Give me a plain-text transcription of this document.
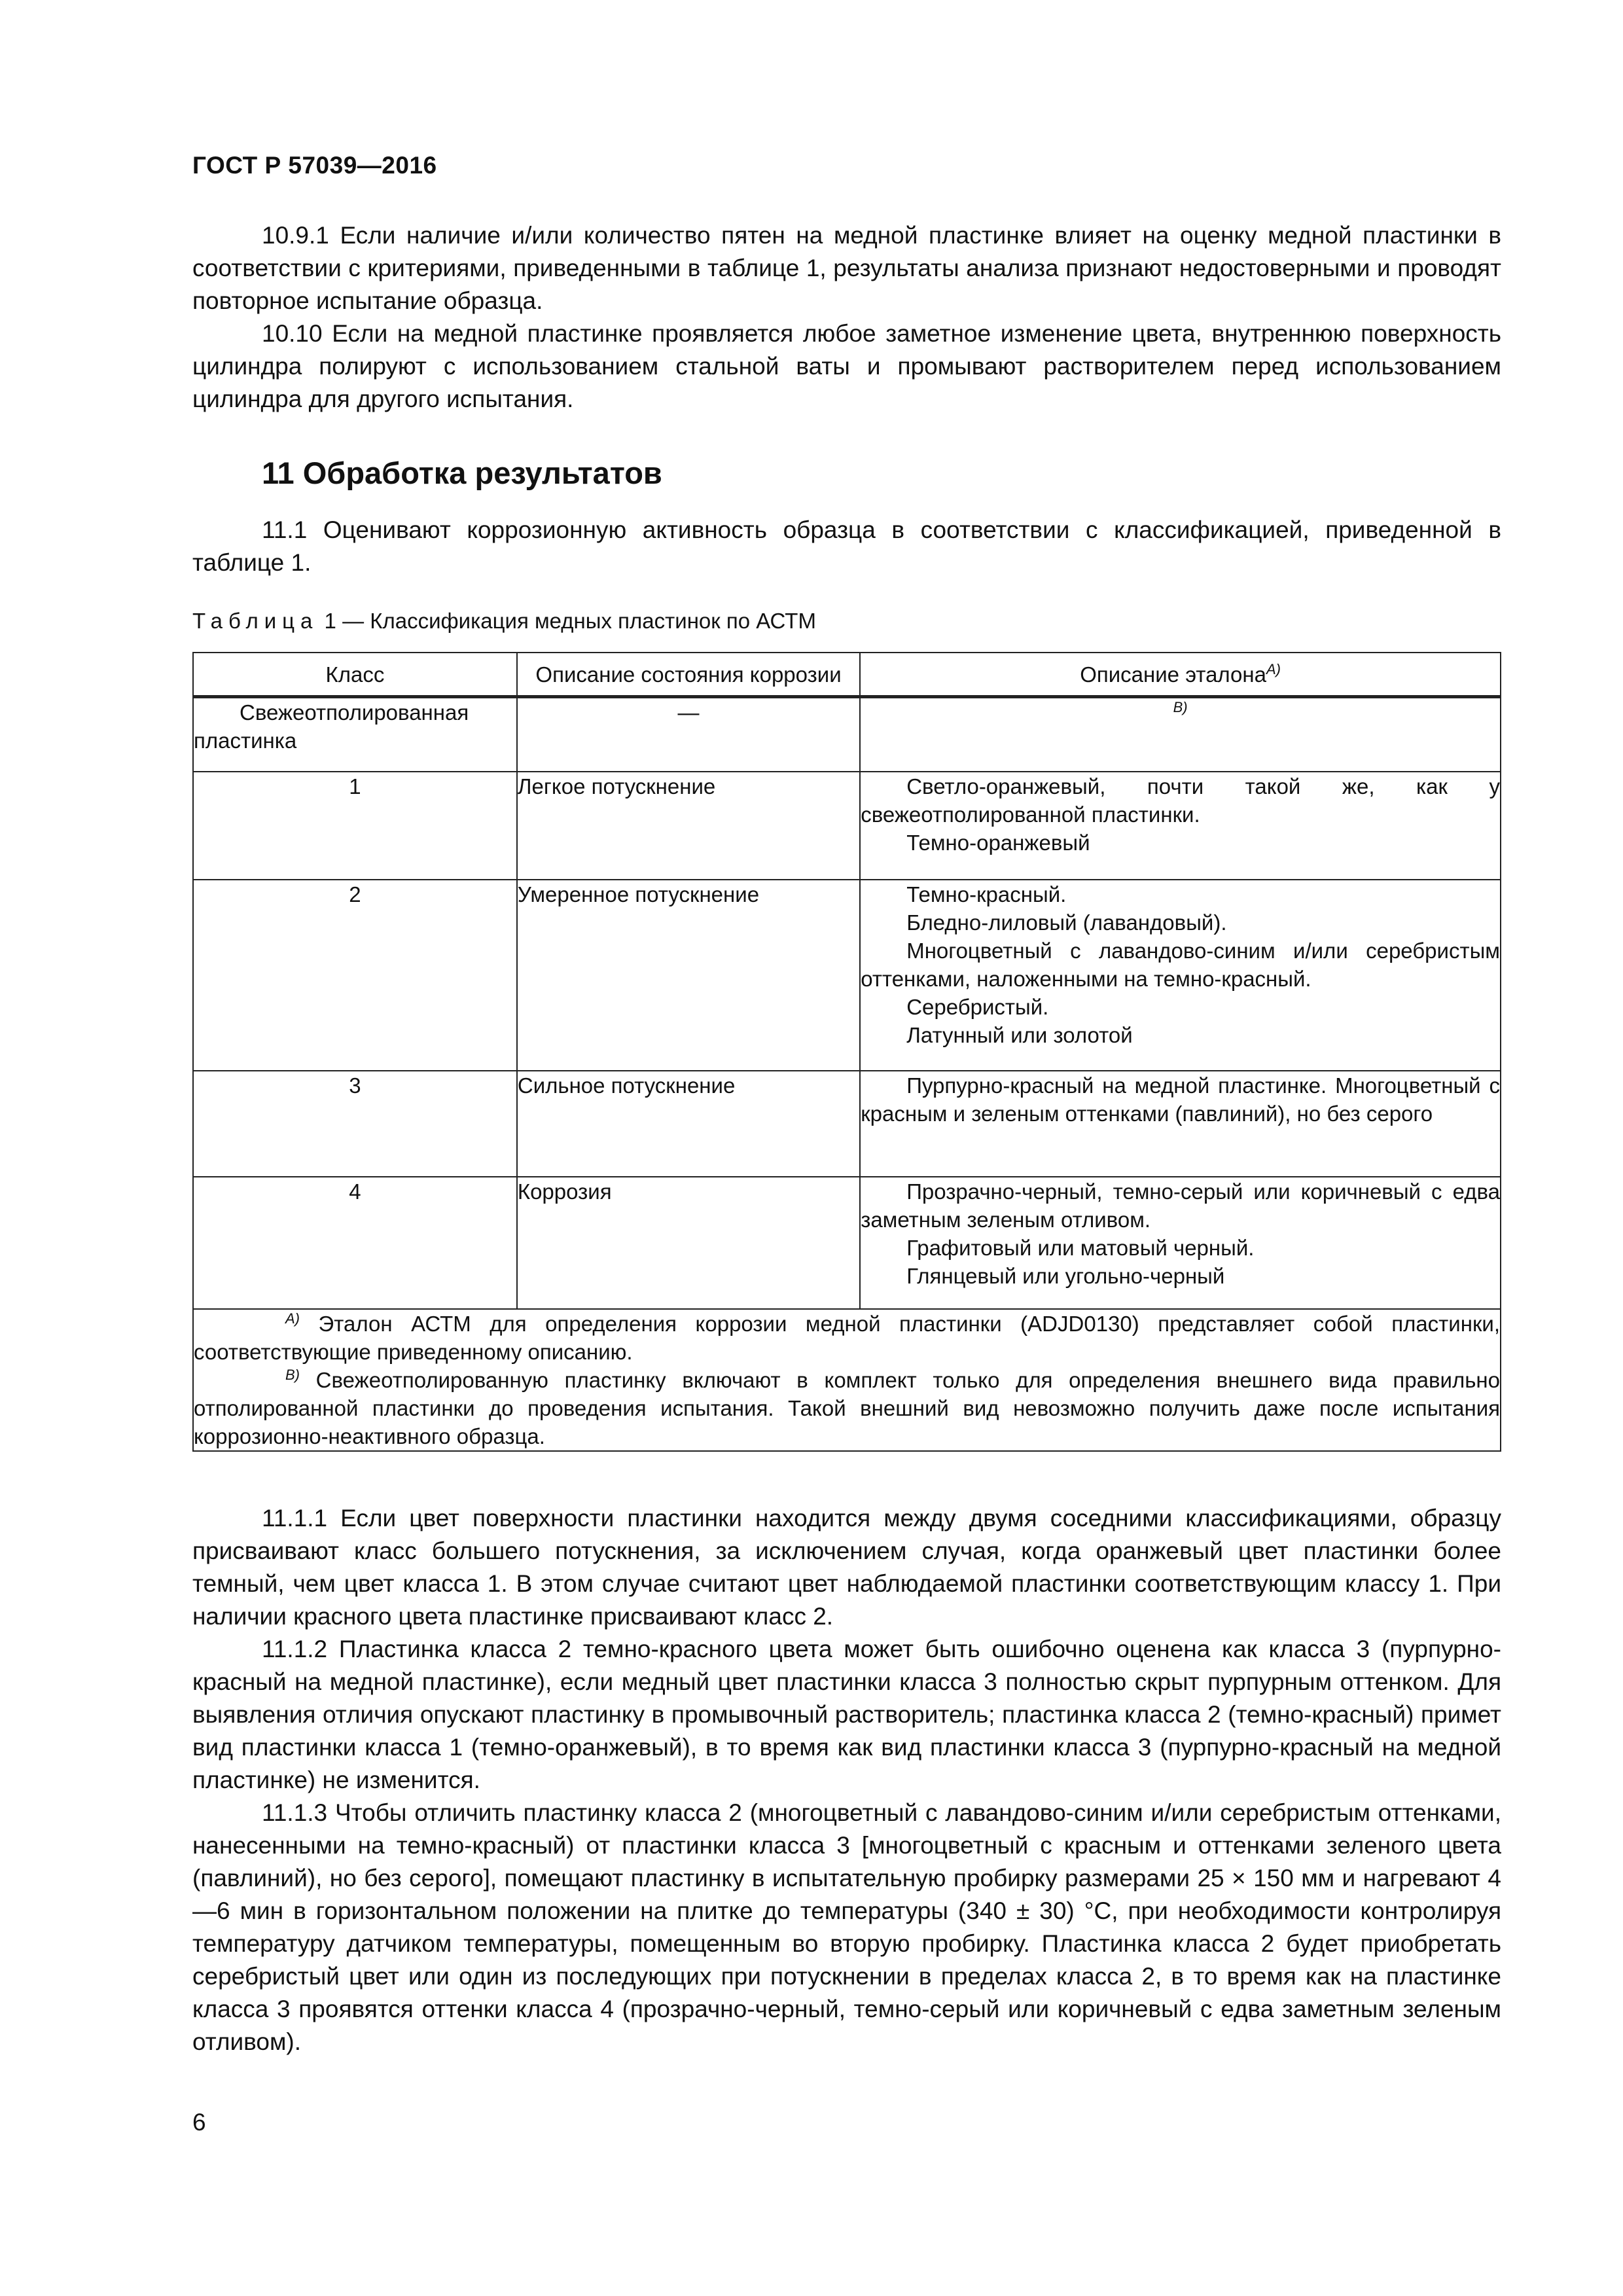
ГОСТ Р 57039—2016

10.9.1 Если наличие и/или количество пятен на медной пластинке влияет на оценку медной пластинки в соответствии с критериями, приведенными в таблице 1, результаты анализа признают недостоверными и проводят повторное испытание образца.

10.10 Если на медной пластинке проявляется любое заметное изменение цвета, внутреннюю поверхность цилиндра полируют с использованием стальной ваты и промывают растворителем перед использованием цилиндра для другого испытания.

11 Обработка результатов

11.1 Оценивают коррозионную активность образца в соответствии с классификацией, приведенной в таблице 1.

Таблица 1 — Классификация медных пластинок по АСТМ
Класс	Описание состояния коррозии	Описание эталона$^{А)}$
Свежеотполированная пластинка	—	$^{В)}$
1	Легкое потускнение	Светло-оранжевый, почти такой же, как у свежеотполированной пластинки.
Темно-оранжевый

2	Умеренное потускнение	Темно-красный.
Бледно-лиловый (лавандовый).
Многоцветный с лавандово-синим и/или серебристым оттенками, наложенными на темно-красный.
Серебристый.
Латунный или золотой

3	Сильное потускнение	Пурпурно-красный на медной пластинке. Многоцветный с красным и зеленым оттенками (павлиний), но без серого

4	Коррозия	Прозрачно-черный, темно-серый или коричневый с едва заметным зеленым отливом.
Графитовый или матовый черный.
Глянцевый или угольно-черный

$^{А)}$ Эталон АСТМ для определения коррозии медной пластинки (ADJD0130) представляет собой пластинки, соответствующие приведенному описанию.
$^{В)}$ Свежеотполированную пластинку включают в комплект только для определения внешнего вида правильно отполированной пластинки до проведения испытания. Такой внешний вид невозможно получить даже после испытания коррозионно-неактивного образца.		

11.1.1 Если цвет поверхности пластинки находится между двумя соседними классификациями, образцу присваивают класс большего потускнения, за исключением случая, когда оранжевый цвет пластинки более темный, чем цвет класса 1. В этом случае считают цвет наблюдаемой пластинки соответствующим классу 1. При наличии красного цвета пластинке присваивают класс 2.

11.1.2 Пластинка класса 2 темно-красного цвета может быть ошибочно оценена как класса 3 (пурпурно-красный на медной пластинке), если медный цвет пластинки класса 3 полностью скрыт пурпурным оттенком. Для выявления отличия опускают пластинку в промывочный растворитель; пластинка класса 2 (темно-красный) примет вид пластинки класса 1 (темно-оранжевый), в то время как вид пластинки класса 3 (пурпурно-красный на медной пластинке) не изменится.

11.1.3 Чтобы отличить пластинку класса 2 (многоцветный с лавандово-синим и/или серебристым оттенками, нанесенными на темно-красный) от пластинки класса 3 [многоцветный с красным и оттенками зеленого цвета (павлиний), но без серого], помещают пластинку в испытательную пробирку размерами 25 × 150 мм и нагревают 4—6 мин в горизонтальном положении на плитке до температуры (340 ± 30) °С, при необходимости контролируя температуру датчиком температуры, помещенным во вторую пробирку. Пластинка класса 2 будет приобретать серебристый цвет или один из последующих при потускнении в пределах класса 2, в то время как на пластинке класса 3 проявятся оттенки класса 4 (прозрачно-черный, темно-серый или коричневый с едва заметным зеленым отливом).

6
